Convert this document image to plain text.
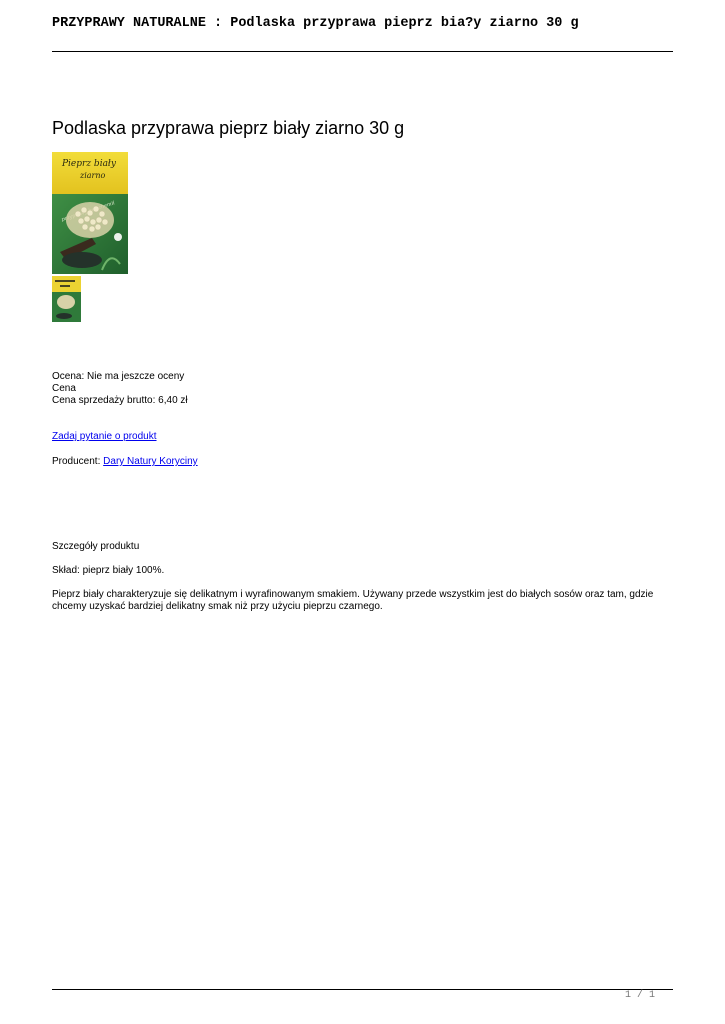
PRZYPRAWY NATURALNE : Podlaska przyprawa pieprz bia?y ziarno 30 g
Podlaska przyprawa pieprz biały ziarno 30 g
Pieprz biały
ziarno
chemii
Ocena: Nie ma jeszcze oceny
Cena
Cena sprzedaży brutto: 6,40 zł
Zadaj pytanie o produkt
Producent: Dary Natury Koryciny
Szczegóły produktu
Skład: pieprz biały 100%.
Pieprz biały charakteryzuje się delikatnym i wyrafinowanym smakiem. Używany przede wszystkim jest do białych sosów oraz tam, gdzie chcemy uzyskać bardziej delikatny smak niż przy użyciu pieprzu czarnego.
1 / 1
